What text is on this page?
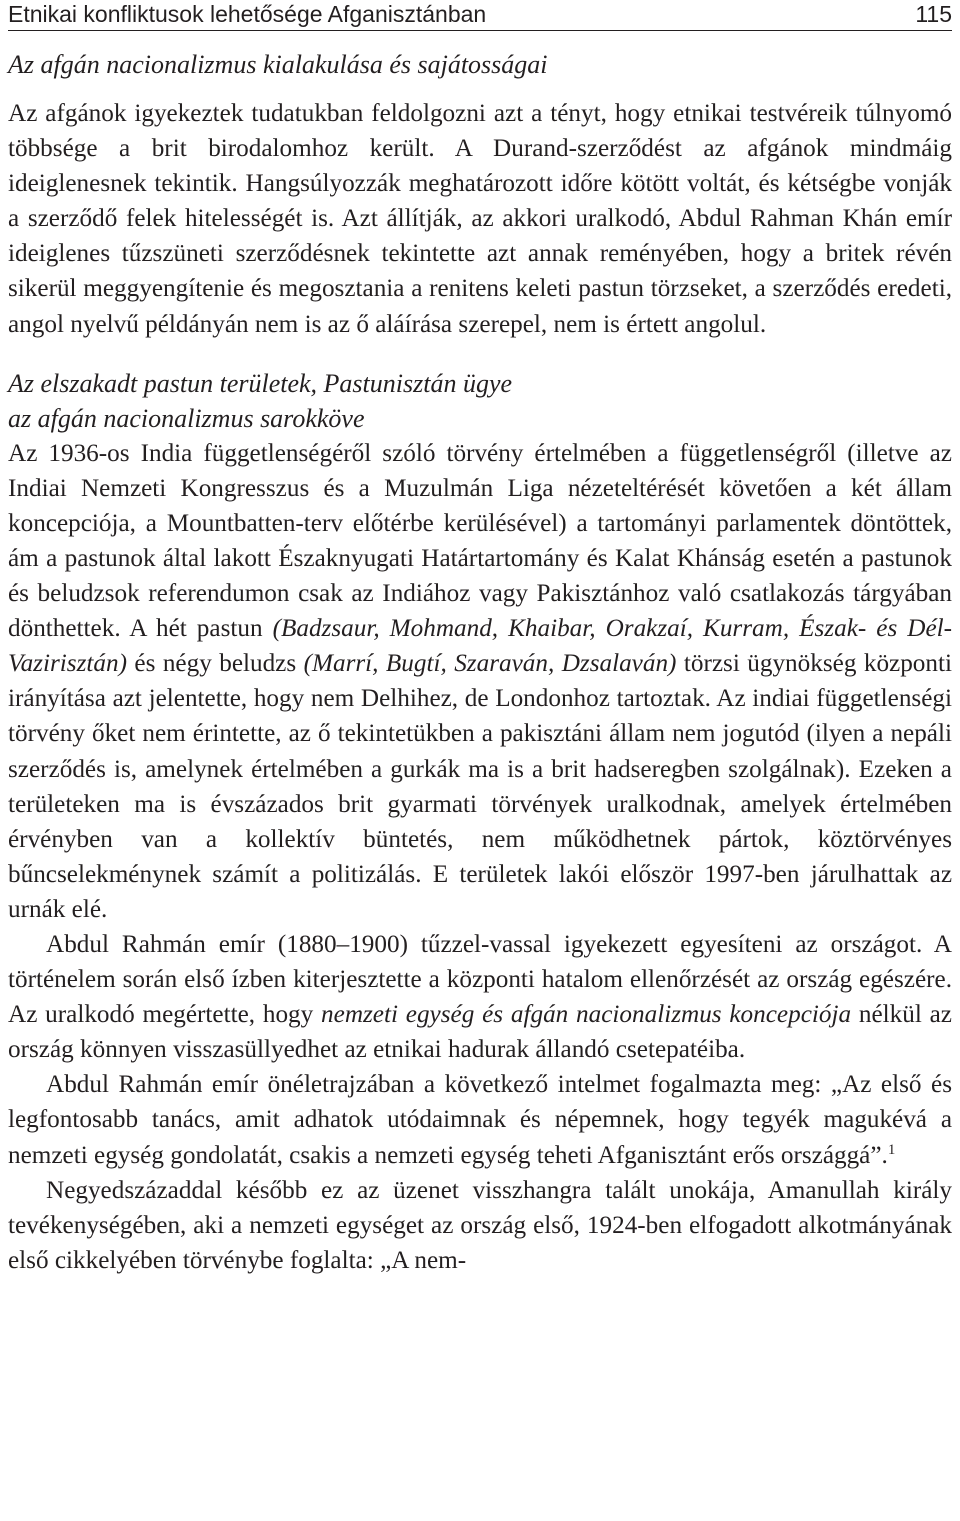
Etnikai konfliktusok lehetősége Afganisztánban	115
Az afgán nacionalizmus kialakulása és sajátosságai

Az afgánok igyekeztek tudatukban feldolgozni azt a tényt, hogy etnikai testvéreik túlnyomó többsége a brit birodalomhoz került. A Durand-szerződést az afgánok mindmáig ideiglenesnek tekintik. Hangsúlyozzák meghatározott időre kötött voltát, és kétségbe vonják a szerződő felek hitelességét is. Azt állítják, az akkori uralkodó, Abdul Rahman Khán emír ideiglenes tűzszüneti szerződésnek tekintette azt annak reményében, hogy a britek révén sikerül meggyengítenie és megosztania a renitens keleti pastun törzseket, a szerződés eredeti, angol nyelvű példányán nem is az ő aláírása szerepel, nem is értett angolul.

Az elszakadt pastun területek, Pastunisztán ügye
az afgán nacionalizmus sarokköve

Az 1936-os India függetlenségéről szóló törvény értelmében a függetlenségről (illetve az Indiai Nemzeti Kongresszus és a Muzulmán Liga nézeteltérését követően a két állam koncepciója, a Mountbatten-terv előtérbe kerülésével) a tartományi parlamentek döntöttek, ám a pastunok által lakott Északnyugati Határtartomány és Kalat Khánság esetén a pastunok és beludzsok referendumon csak az Indiához vagy Pakisztánhoz való csatlakozás tárgyában dönthettek. A hét pastun (Badzsaur, Mohmand, Khaibar, Orakzaí, Kurram, Észak- és Dél-Vazirisztán) és négy beludzs (Marrí, Bugtí, Szaraván, Dzsalaván) törzsi ügynökség központi irányítása azt jelentette, hogy nem Delhihez, de Londonhoz tartoztak. Az indiai függetlenségi törvény őket nem érintette, az ő tekintetükben a pakisztáni állam nem jogutód (ilyen a nepáli szerződés is, amelynek értelmében a gurkák ma is a brit hadseregben szolgálnak). Ezeken a területeken ma is évszázados brit gyarmati törvények uralkodnak, amelyek értelmében érvényben van a kollektív büntetés, nem működhetnek pártok, köztörvényes bűncselekménynek számít a politizálás. E területek lakói először 1997-ben járulhattak az urnák elé.

Abdul Rahmán emír (1880–1900) tűzzel-vassal igyekezett egyesíteni az országot. A történelem során első ízben kiterjesztette a központi hatalom ellenőrzését az ország egészére. Az uralkodó megértette, hogy nemzeti egység és afgán nacionalizmus koncepciója nélkül az ország könnyen visszasüllyedhet az etnikai hadurak állandó csetepatéiba.

Abdul Rahmán emír önéletrajzában a következő intelmet fogalmazta meg: „Az első és legfontosabb tanács, amit adhatok utódaimnak és népemnek, hogy tegyék magukévá a nemzeti egység gondolatát, csakis a nemzeti egység teheti Afganisztánt erős országgá”.$^1$

Negyedszázaddal később ez az üzenet visszhangra talált unokája, Amanullah király tevékenységében, aki a nemzeti egységet az ország első, 1924-ben elfogadott alkotmányának első cikkelyében törvénybe foglalta: „A nem-
